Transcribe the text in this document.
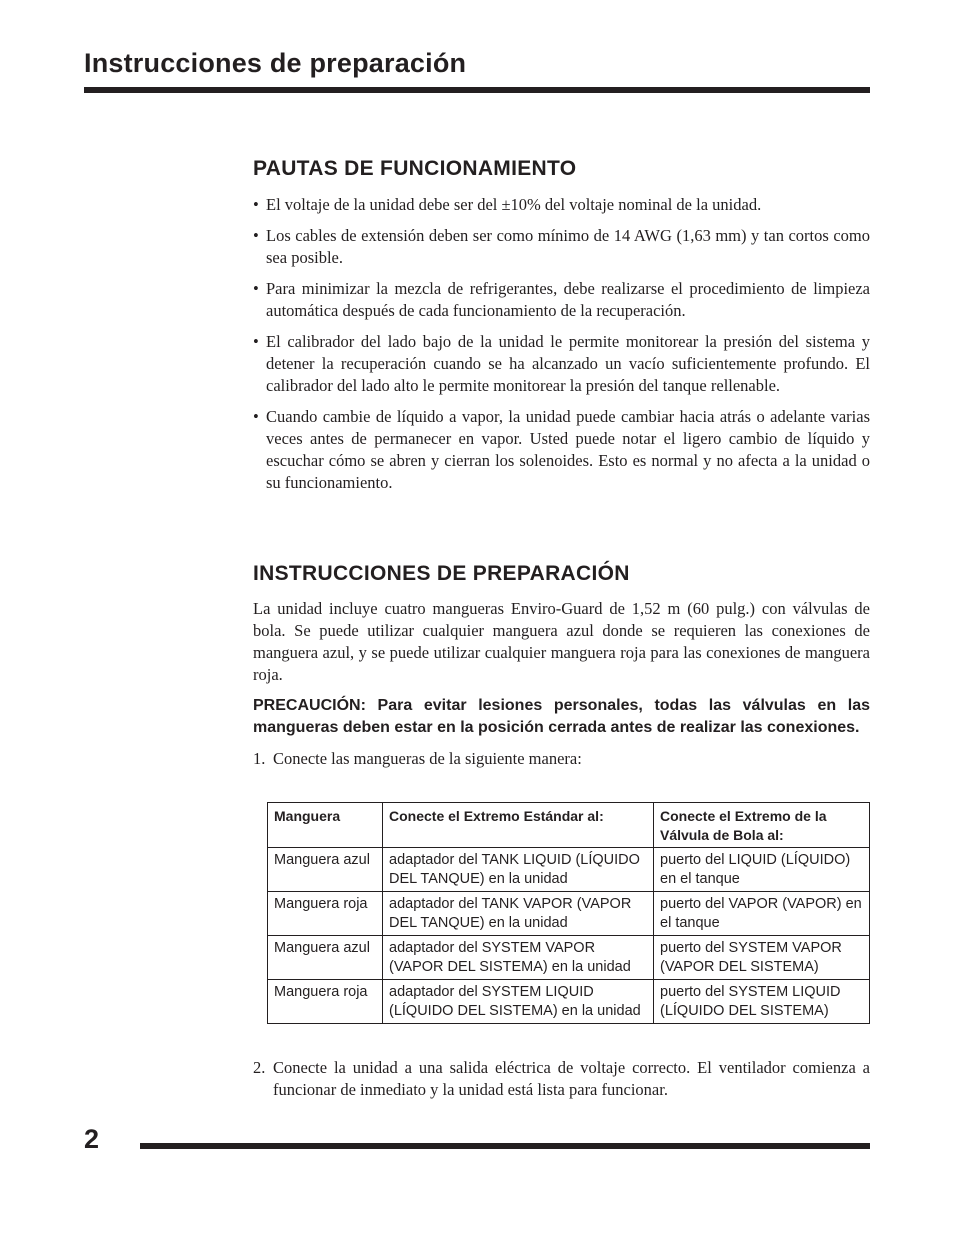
Instrucciones de preparación
PAUTAS DE FUNCIONAMIENTO
• El voltaje de la unidad debe ser del ±10% del voltaje nominal de la unidad.
• Los cables de extensión deben ser como mínimo de 14 AWG (1,63 mm) y tan cortos como sea posible.
• Para minimizar la mezcla de refrigerantes, debe realizarse el procedimiento de limpieza automática después de cada funcionamiento de la recuperación.
• El calibrador del lado bajo de la unidad le permite monitorear la presión del sistema y detener la recuperación cuando se ha alcanzado un vacío suficientemente profundo. El calibrador del lado alto le permite monitorear la presión del tanque rellenable.
• Cuando cambie de líquido a vapor, la unidad puede cambiar hacia atrás o adelante varias veces antes de permanecer en vapor. Usted puede notar el ligero cambio de líquido y escuchar cómo se abren y cierran los solenoides. Esto es normal y no afecta a la unidad o su funcionamiento.
INSTRUCCIONES DE PREPARACIÓN

La unidad incluye cuatro mangueras Enviro-Guard de 1,52 m (60 pulg.) con válvulas de bola. Se puede utilizar cualquier manguera azul donde se requieren las conexiones de manguera azul, y se puede utilizar cualquier manguera roja para las conexiones de manguera roja.

PRECAUCIÓN: Para evitar lesiones personales, todas las válvulas en las mangueras deben estar en la posición cerrada antes de realizar las conexiones.

1. Conecte las mangueras de la siguiente manera:
Manguera	Conecte el Extremo Estándar al:	Conecte el Extremo de la Válvula de Bola al:
Manguera azul	adaptador del TANK LIQUID (LÍQUIDO DEL TANQUE) en la unidad	puerto del LIQUID (LÍQUIDO) en el tanque
Manguera roja	adaptador del TANK VAPOR (VAPOR DEL TANQUE) en la unidad	puerto del VAPOR (VAPOR) en el tanque
Manguera azul	adaptador del SYSTEM VAPOR (VAPOR DEL SISTEMA) en la unidad	puerto del SYSTEM VAPOR (VAPOR DEL SISTEMA)
Manguera roja	adaptador del SYSTEM LIQUID (LÍQUIDO DEL SISTEMA) en la unidad	puerto del SYSTEM LIQUID (LÍQUIDO DEL SISTEMA)
2. Conecte la unidad a una salida eléctrica de voltaje correcto. El ventilador comienza a funcionar de inmediato y la unidad está lista para funcionar.
2
